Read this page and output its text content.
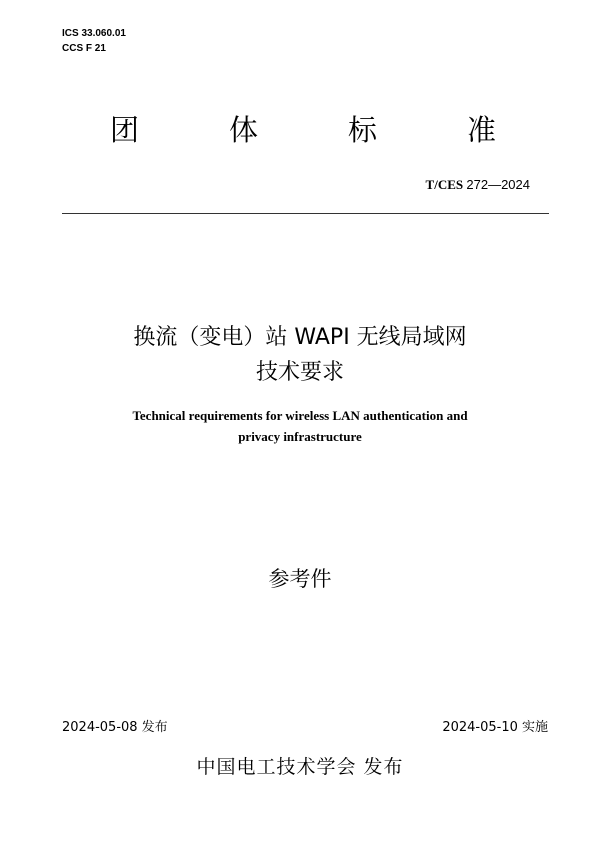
ICS 33.060.01
CCS F 21
团	体	标	准
T/CES 272—2024
换流（变电）站 WAPI 无线局域网
技术要求
Technical requirements for wireless LAN authentication and
privacy infrastructure
参考件
2024-05-08 发布	2024-05-10 实施
中国电工技术学会 发布
